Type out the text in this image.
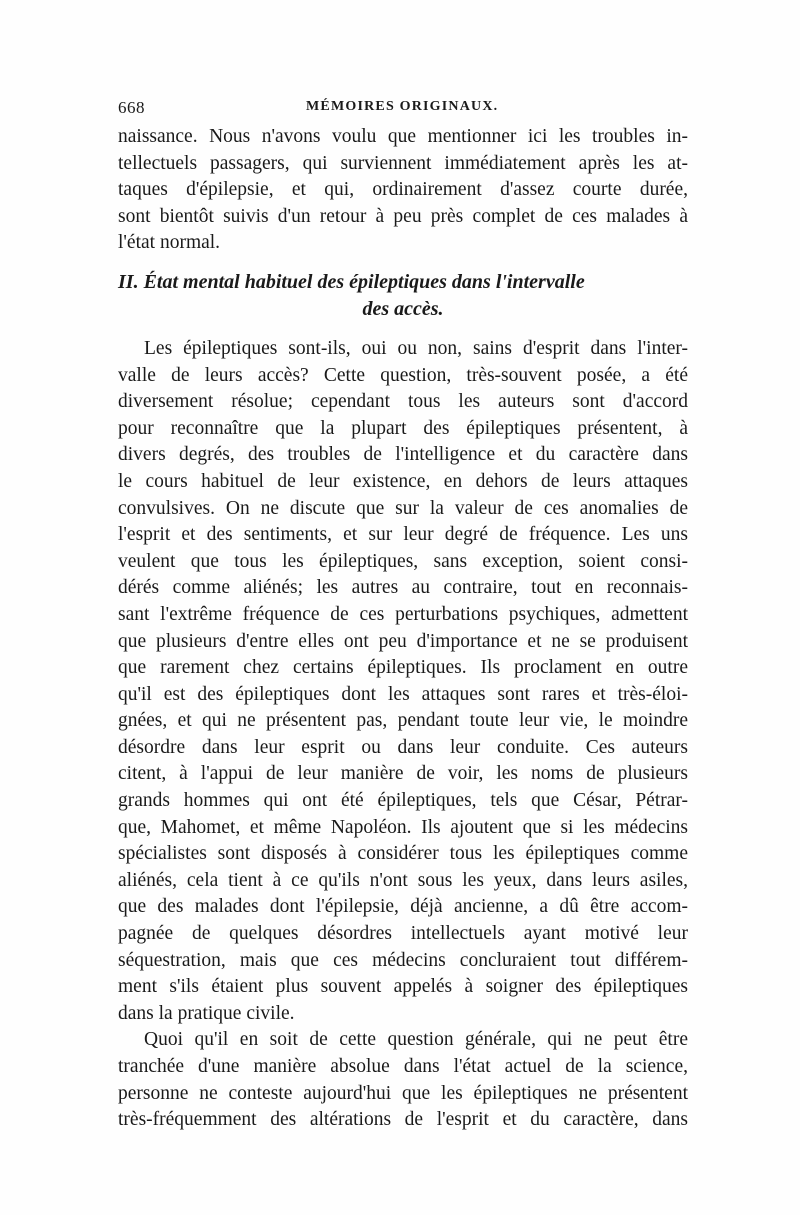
668	MÉMOIRES ORIGINAUX.
naissance. Nous n'avons voulu que mentionner ici les troubles in-
tellectuels passagers, qui surviennent immédiatement après les at-
taques d'épilepsie, et qui, ordinairement d'assez courte durée,
sont bientôt suivis d'un retour à peu près complet de ces malades à
l'état normal.
II. État mental habituel des épileptiques dans l'intervalle
des accès.
Les épileptiques sont-ils, oui ou non, sains d'esprit dans l'inter-
valle de leurs accès? Cette question, très-souvent posée, a été
diversement résolue; cependant tous les auteurs sont d'accord
pour reconnaître que la plupart des épileptiques présentent, à
divers degrés, des troubles de l'intelligence et du caractère dans
le cours habituel de leur existence, en dehors de leurs attaques
convulsives. On ne discute que sur la valeur de ces anomalies de
l'esprit et des sentiments, et sur leur degré de fréquence. Les uns
veulent que tous les épileptiques, sans exception, soient consi-
dérés comme aliénés; les autres au contraire, tout en reconnais-
sant l'extrême fréquence de ces perturbations psychiques, admettent
que plusieurs d'entre elles ont peu d'importance et ne se produisent
que rarement chez certains épileptiques. Ils proclament en outre
qu'il est des épileptiques dont les attaques sont rares et très-éloi-
gnées, et qui ne présentent pas, pendant toute leur vie, le moindre
désordre dans leur esprit ou dans leur conduite. Ces auteurs
citent, à l'appui de leur manière de voir, les noms de plusieurs
grands hommes qui ont été épileptiques, tels que César, Pétrar-
que, Mahomet, et même Napoléon. Ils ajoutent que si les médecins
spécialistes sont disposés à considérer tous les épileptiques comme
aliénés, cela tient à ce qu'ils n'ont sous les yeux, dans leurs asiles,
que des malades dont l'épilepsie, déjà ancienne, a dû être accom-
pagnée de quelques désordres intellectuels ayant motivé leur
séquestration, mais que ces médecins concluraient tout différem-
ment s'ils étaient plus souvent appelés à soigner des épileptiques
dans la pratique civile.
Quoi qu'il en soit de cette question générale, qui ne peut être
tranchée d'une manière absolue dans l'état actuel de la science,
personne ne conteste aujourd'hui que les épileptiques ne présentent
très-fréquemment des altérations de l'esprit et du caractère, dans
